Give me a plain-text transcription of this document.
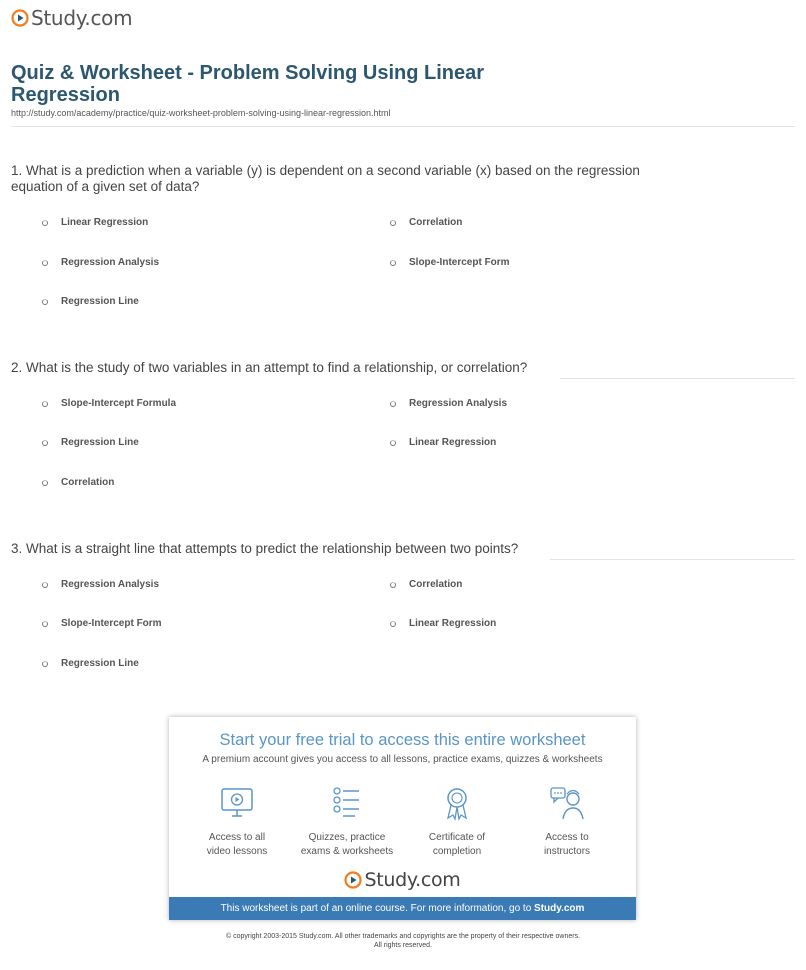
Study.com
Quiz & Worksheet - Problem Solving Using Linear Regression
http://study.com/academy/practice/quiz-worksheet-problem-solving-using-linear-regression.html
1. What is a prediction when a variable (y) is dependent on a second variable (x) based on the regression equation of a given set of data?
Linear Regression	Correlation
Regression Analysis	Slope-Intercept Form
Regression Line
2. What is the study of two variables in an attempt to find a relationship, or correlation?
Slope-Intercept Formula	Regression Analysis
Regression Line	Linear Regression
Correlation
3. What is a straight line that attempts to predict the relationship between two points?
Regression Analysis	Correlation
Slope-Intercept Form	Linear Regression
Regression Line
Start your free trial to access this entire worksheet
A premium account gives you access to all lessons, practice exams, quizzes & worksheets
Access to all
video lessons
Quizzes, practice
exams & worksheets
Certificate of
completion
Access to
instructors
Study.com
This worksheet is part of an online course. For more information, go to Study.com
© copyright 2003-2015 Study.com. All other trademarks and copyrights are the property of their respective owners.
All rights reserved.
